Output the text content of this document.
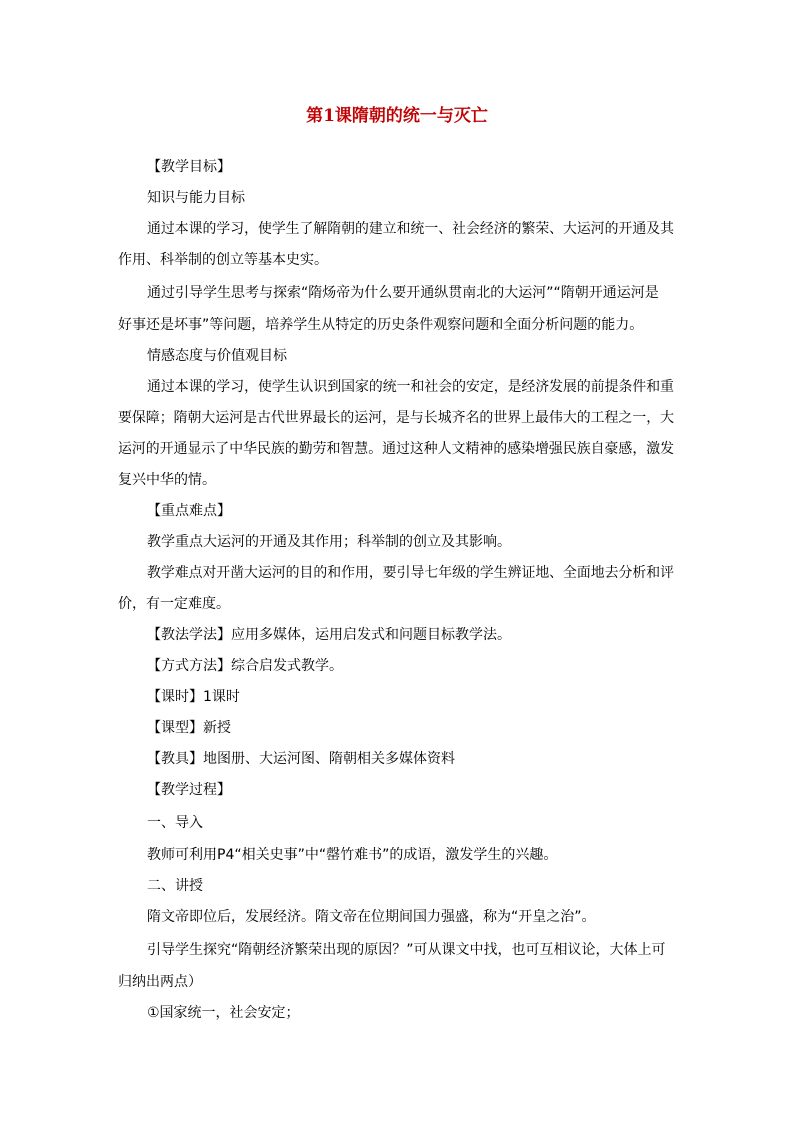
第1课隋朝的统一与灭亡
【教学目标】
知识与能力目标
通过本课的学习，使学生了解隋朝的建立和统一、社会经济的繁荣、大运河的开通及其
作用、科举制的创立等基本史实。
通过引导学生思考与探索“隋炀帝为什么要开通纵贯南北的大运河”“隋朝开通运河是
好事还是坏事”等问题，培养学生从特定的历史条件观察问题和全面分析问题的能力。
情感态度与价值观目标
通过本课的学习，使学生认识到国家的统一和社会的安定，是经济发展的前提条件和重
要保障；隋朝大运河是古代世界最长的运河，是与长城齐名的世界上最伟大的工程之一，大
运河的开通显示了中华民族的勤劳和智慧。通过这种人文精神的感染增强民族自豪感，激发
复兴中华的情。
【重点难点】
教学重点大运河的开通及其作用；科举制的创立及其影响。
教学难点对开凿大运河的目的和作用，要引导七年级的学生辨证地、全面地去分析和评
价，有一定难度。
【教法学法】应用多媒体，运用启发式和问题目标教学法。
【方式方法】综合启发式教学。
【课时】1课时
【课型】新授
【教具】地图册、大运河图、隋朝相关多媒体资料
【教学过程】
一、导入
教师可利用P4“相关史事”中“罄竹难书”的成语，激发学生的兴趣。
二、讲授
隋文帝即位后，发展经济。隋文帝在位期间国力强盛，称为“开皇之治”。
引导学生探究“隋朝经济繁荣出现的原因？”可从课文中找，也可互相议论，大体上可
归纳出两点）
①国家统一，社会安定；
